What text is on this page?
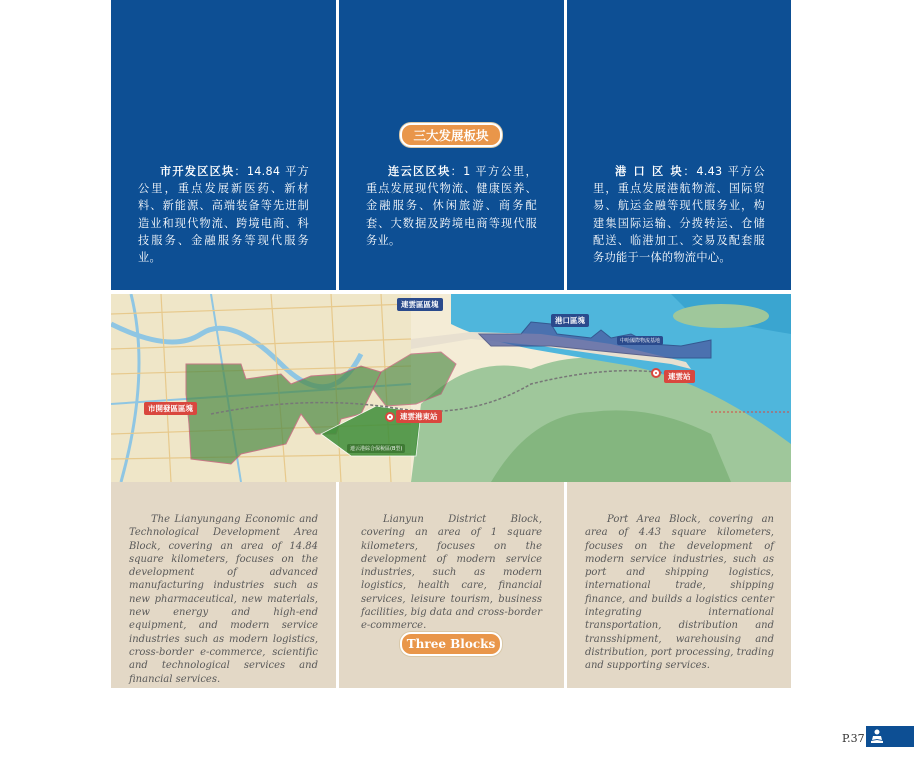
市开发区区块：14.84 平方公里，重点发展新医药、新材料、新能源、高端装备等先进制造业和现代物流、跨境电商、科技服务、金融服务等现代服务业。
连云区区块：1 平方公里，重点发展现代物流、健康医养、金融服务、休闲旅游、商务配套、大数据及跨境电商等现代服务业。
港 口 区 块：4.43 平方公里，重点发展港航物流、国际贸易、航运金融等现代服务业，构建集国际运输、分拨转运、仓储配送、临港加工、交易及配套服务功能于一体的物流中心。
三大发展板块
市開發區區塊
連雲區區塊
港口區塊
中哈國際物流基地
連云港綜合保稅區(B型)
連雲港東站
連雲站
The Lianyungang Economic and Technological Development Area Block, covering an area of 14.84 square kilometers, focuses on the development of advanced manufacturing industries such as new pharmaceutical, new materials, new energy and high-end equipment, and modern service industries such as modern logistics, cross-border e-commerce, scientific and technological services and financial services.
Lianyun District Block, covering an area of 1 square kilometers, focuses on the development of modern service industries, such as modern logistics, health care, financial services, leisure tourism, business facilities, big data and cross-border e-commerce.
Port Area Block, covering an area of 4.43 square kilometers, focuses on the development of modern service industries, such as port and shipping logistics, international trade, shipping finance, and builds a logistics center integrating international transportation, distribution and transshipment, warehousing and distribution, port processing, trading and supporting services.
Three Blocks
P.37
